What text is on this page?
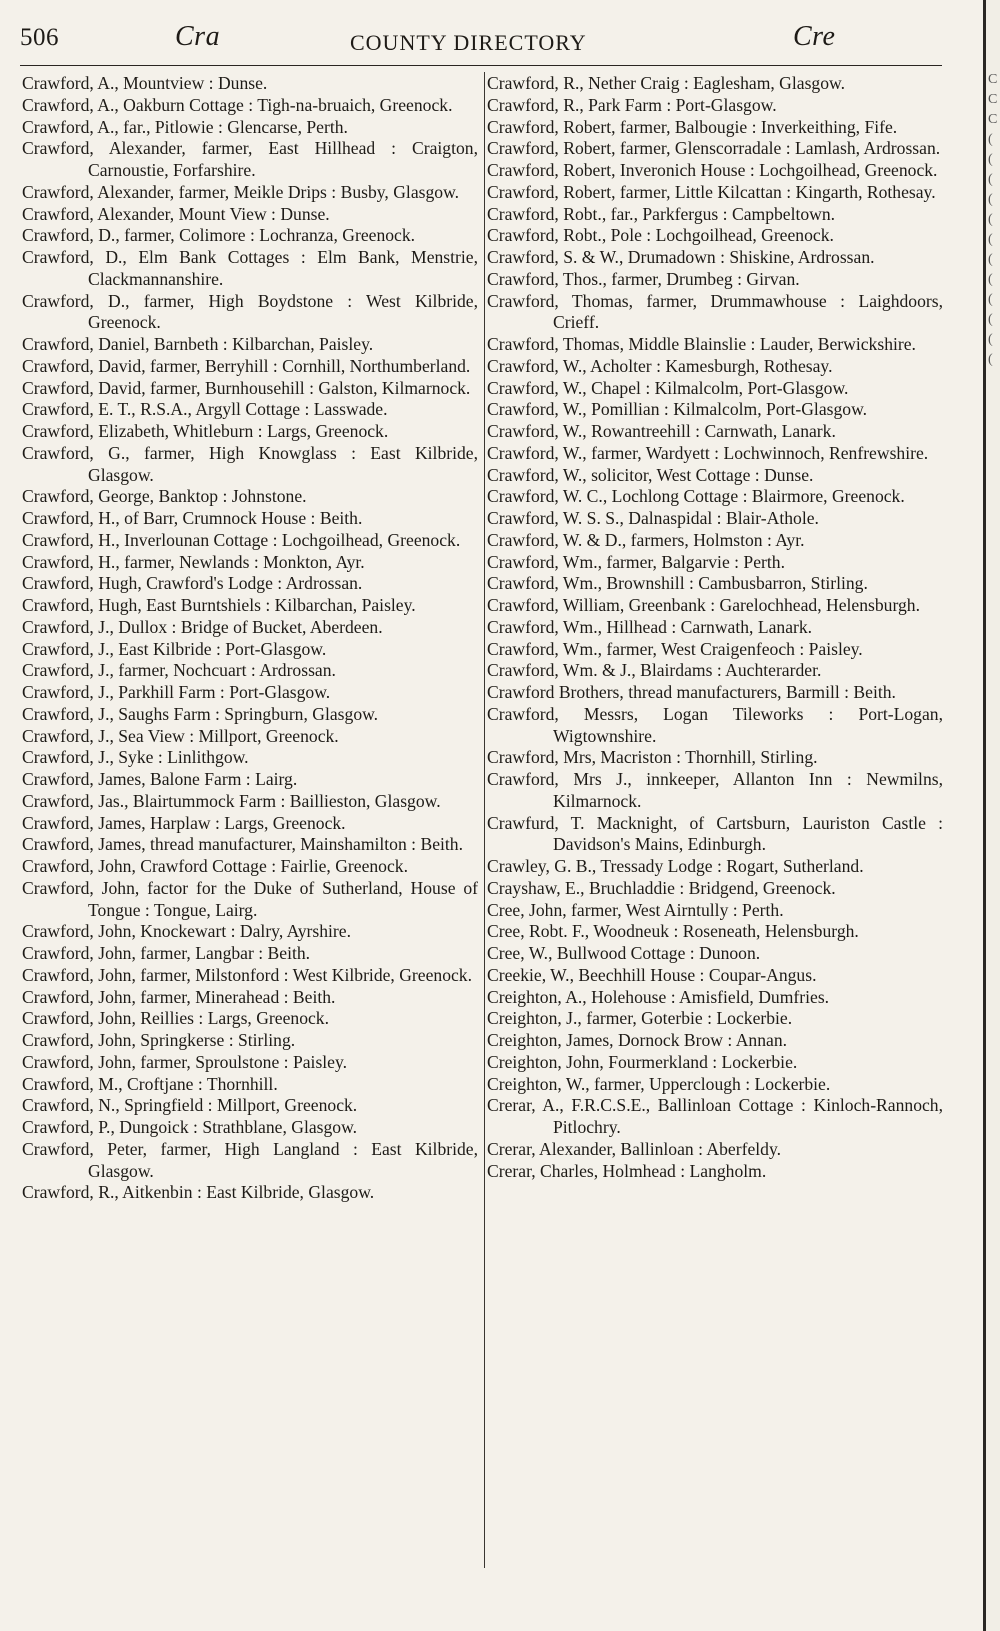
506	Cra	COUNTY DIRECTORY	Cre
Crawford, A., Mountview : Dunse.
Crawford, A., Oakburn Cottage : Tigh-na-bruaich, Greenock.
Crawford, A., far., Pitlowie : Glencarse, Perth.
Crawford, Alexander, farmer, East Hillhead : Craigton, Carnoustie, Forfarshire.
Crawford, Alexander, farmer, Meikle Drips : Busby, Glasgow.
Crawford, Alexander, Mount View : Dunse.
Crawford, D., farmer, Colimore : Lochranza, Greenock.
Crawford, D., Elm Bank Cottages : Elm Bank, Menstrie, Clackmannanshire.
Crawford, D., farmer, High Boydstone : West Kilbride, Greenock.
Crawford, Daniel, Barnbeth : Kilbarchan, Paisley.
Crawford, David, farmer, Berryhill : Cornhill, Northumberland.
Crawford, David, farmer, Burnhousehill : Galston, Kilmarnock.
Crawford, E. T., R.S.A., Argyll Cottage : Lasswade.
Crawford, Elizabeth, Whitleburn : Largs, Greenock.
Crawford, G., farmer, High Knowglass : East Kilbride, Glasgow.
Crawford, George, Banktop : Johnstone.
Crawford, H., of Barr, Crumnock House : Beith.
Crawford, H., Inverlounan Cottage : Lochgoilhead, Greenock.
Crawford, H., farmer, Newlands : Monkton, Ayr.
Crawford, Hugh, Crawford's Lodge : Ardrossan.
Crawford, Hugh, East Burntshiels : Kilbarchan, Paisley.
Crawford, J., Dullox : Bridge of Bucket, Aberdeen.
Crawford, J., East Kilbride : Port-Glasgow.
Crawford, J., farmer, Nochcuart : Ardrossan.
Crawford, J., Parkhill Farm : Port-Glasgow.
Crawford, J., Saughs Farm : Springburn, Glasgow.
Crawford, J., Sea View : Millport, Greenock.
Crawford, J., Syke : Linlithgow.
Crawford, James, Balone Farm : Lairg.
Crawford, Jas., Blairtummock Farm : Baillieston, Glasgow.
Crawford, James, Harplaw : Largs, Greenock.
Crawford, James, thread manufacturer, Mainshamilton : Beith.
Crawford, John, Crawford Cottage : Fairlie, Greenock.
Crawford, John, factor for the Duke of Sutherland, House of Tongue : Tongue, Lairg.
Crawford, John, Knockewart : Dalry, Ayrshire.
Crawford, John, farmer, Langbar : Beith.
Crawford, John, farmer, Milstonford : West Kilbride, Greenock.
Crawford, John, farmer, Minerahead : Beith.
Crawford, John, Reillies : Largs, Greenock.
Crawford, John, Springkerse : Stirling.
Crawford, John, farmer, Sproulstone : Paisley.
Crawford, M., Croftjane : Thornhill.
Crawford, N., Springfield : Millport, Greenock.
Crawford, P., Dungoick : Strathblane, Glasgow.
Crawford, Peter, farmer, High Langland : East Kilbride, Glasgow.
Crawford, R., Aitkenbin : East Kilbride, Glasgow.
Crawford, R., Nether Craig : Eaglesham, Glasgow.
Crawford, R., Park Farm : Port-Glasgow.
Crawford, Robert, farmer, Balbougie : Inverkeithing, Fife.
Crawford, Robert, farmer, Glenscorradale : Lamlash, Ardrossan.
Crawford, Robert, Inveronich House : Lochgoilhead, Greenock.
Crawford, Robert, farmer, Little Kilcattan : Kingarth, Rothesay.
Crawford, Robt., far., Parkfergus : Campbeltown.
Crawford, Robt., Pole : Lochgoilhead, Greenock.
Crawford, S. & W., Drumadown : Shiskine, Ardrossan.
Crawford, Thos., farmer, Drumbeg : Girvan.
Crawford, Thomas, farmer, Drummawhouse : Laighdoors, Crieff.
Crawford, Thomas, Middle Blainslie : Lauder, Berwickshire.
Crawford, W., Acholter : Kamesburgh, Rothesay.
Crawford, W., Chapel : Kilmalcolm, Port-Glasgow.
Crawford, W., Pomillian : Kilmalcolm, Port-Glasgow.
Crawford, W., Rowantreehill : Carnwath, Lanark.
Crawford, W., farmer, Wardyett : Lochwinnoch, Renfrewshire.
Crawford, W., solicitor, West Cottage : Dunse.
Crawford, W. C., Lochlong Cottage : Blairmore, Greenock.
Crawford, W. S. S., Dalnaspidal : Blair-Athole.
Crawford, W. & D., farmers, Holmston : Ayr.
Crawford, Wm., farmer, Balgarvie : Perth.
Crawford, Wm., Brownshill : Cambusbarron, Stirling.
Crawford, William, Greenbank : Garelochhead, Helensburgh.
Crawford, Wm., Hillhead : Carnwath, Lanark.
Crawford, Wm., farmer, West Craigenfeoch : Paisley.
Crawford, Wm. & J., Blairdams : Auchterarder.
Crawford Brothers, thread manufacturers, Barmill : Beith.
Crawford, Messrs, Logan Tileworks : Port-Logan, Wigtownshire.
Crawford, Mrs, Macriston : Thornhill, Stirling.
Crawford, Mrs J., innkeeper, Allanton Inn : Newmilns, Kilmarnock.
Crawfurd, T. Macknight, of Cartsburn, Lauriston Castle : Davidson's Mains, Edinburgh.
Crawley, G. B., Tressady Lodge : Rogart, Sutherland.
Crayshaw, E., Bruchladdie : Bridgend, Greenock.
Cree, John, farmer, West Airntully : Perth.
Cree, Robt. F., Woodneuk : Roseneath, Helensburgh.
Cree, W., Bullwood Cottage : Dunoon.
Creekie, W., Beechhill House : Coupar-Angus.
Creighton, A., Holehouse : Amisfield, Dumfries.
Creighton, J., farmer, Goterbie : Lockerbie.
Creighton, James, Dornock Brow : Annan.
Creighton, John, Fourmerkland : Lockerbie.
Creighton, W., farmer, Upperclough : Lockerbie.
Crerar, A., F.R.C.S.E., Ballinloan Cottage : Kinloch-Rannoch, Pitlochry.
Crerar, Alexander, Ballinloan : Aberfeldy.
Crerar, Charles, Holmhead : Langholm.
C
C
C
(
(
(
(
(
(
(
(
(
(
(
(
